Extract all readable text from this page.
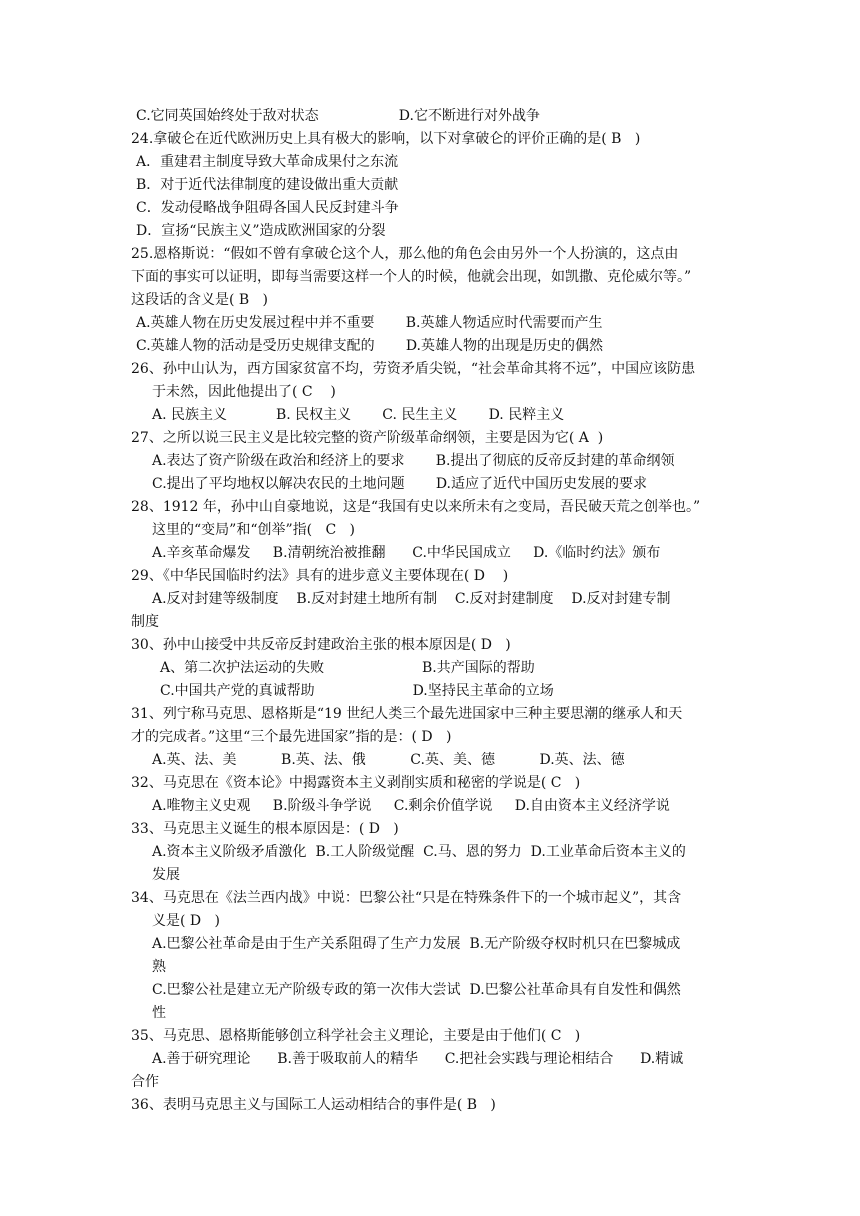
C.它同英国始终处于敌对状态                  D.它不断进行对外战争
24.拿破仑在近代欧洲历史上具有极大的影响，以下对拿破仑的评价正确的是( B   )
A．重建君主制度导致大革命成果付之东流
B．对于近代法律制度的建设做出重大贡献
C．发动侵略战争阻碍各国人民反封建斗争
D．宣扬“民族主义”造成欧洲国家的分裂
25.恩格斯说：“假如不曾有拿破仑这个人，那么他的角色会由另外一个人扮演的，这点由
下面的事实可以证明，即每当需要这样一个人的时候，他就会出现，如凯撒、克伦威尔等。”
这段话的含义是( B   )
A.英雄人物在历史发展过程中并不重要       B.英雄人物适应时代需要而产生
C.英雄人物的活动是受历史规律支配的       D.英雄人物的出现是历史的偶然
26、孙中山认为，西方国家贫富不均，劳资矛盾尖锐，“社会革命其将不远”，中国应该防患
于未然，因此他提出了( C    )
A. 民族主义           B. 民权主义       C. 民生主义       D. 民粹主义
27、之所以说三民主义是比较完整的资产阶级革命纲领，主要是因为它( A  )
A.表达了资产阶级在政治和经济上的要求       B.提出了彻底的反帝反封建的革命纲领
C.提出了平均地权以解决农民的土地问题       D.适应了近代中国历史发展的要求
28、1912 年，孙中山自豪地说，这是“我国有史以来所未有之变局，吾民破天荒之创举也。”
这里的“变局”和“创举”指(   C   )
A.辛亥革命爆发     B.清朝统治被推翻      C.中华民国成立     D.《临时约法》颁布
29、《中华民国临时约法》具有的进步意义主要体现在( D    )
A.反对封建等级制度    B.反对封建土地所有制    C.反对封建制度    D.反对封建专制
制度
30、孙中山接受中共反帝反封建政治主张的根本原因是( D   )
A、第二次护法运动的失败                      B.共产国际的帮助
C.中国共产党的真诚帮助                      D.坚持民主革命的立场
31、列宁称马克思、恩格斯是“19 世纪人类三个最先进国家中三种主要思潮的继承人和天
才的完成者。”这里“三个最先进国家”指的是：( D   )
A.英、法、美          B.英、法、俄          C.英、美、德          D.英、法、德
32、马克思在《资本论》中揭露资本主义剥削实质和秘密的学说是( C   )
A.唯物主义史观     B.阶级斗争学说     C.剩余价值学说     D.自由资本主义经济学说
33、马克思主义诞生的根本原因是：( D   )
A.资本主义阶级矛盾激化  B.工人阶级觉醒  C.马、恩的努力  D.工业革命后资本主义的
发展
34、马克思在《法兰西内战》中说：巴黎公社“只是在特殊条件下的一个城市起义”，其含
义是( D   )
A.巴黎公社革命是由于生产关系阻碍了生产力发展  B.无产阶级夺权时机只在巴黎城成
熟
C.巴黎公社是建立无产阶级专政的第一次伟大尝试  D.巴黎公社革命具有自发性和偶然
性
35、马克思、恩格斯能够创立科学社会主义理论，主要是由于他们( C   )
A.善于研究理论      B.善于吸取前人的精华      C.把社会实践与理论相结合      D.精诚
合作
36、表明马克思主义与国际工人运动相结合的事件是( B   )
